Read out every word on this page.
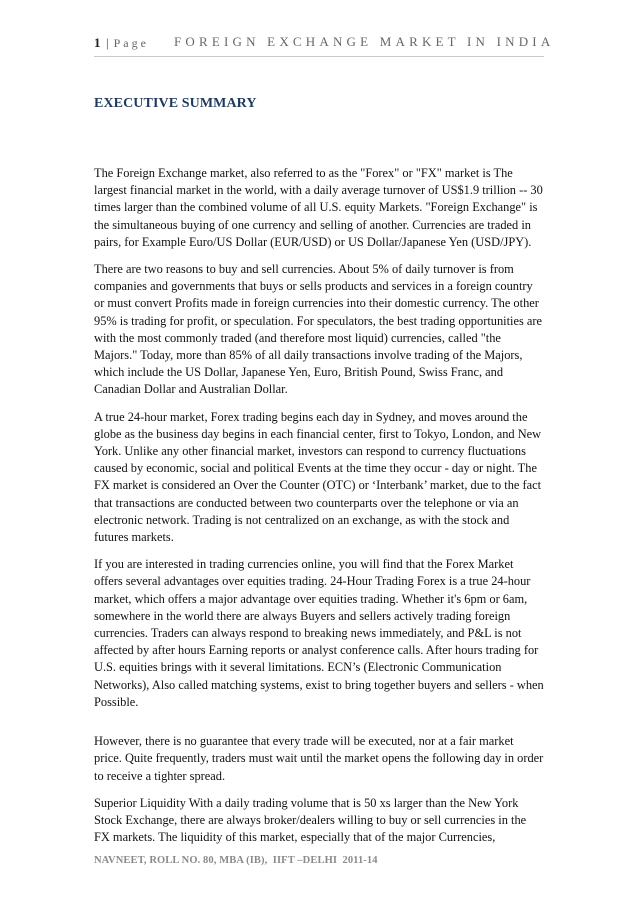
1 | Page FOREIGN EXCHANGE MARKET IN INDIA
EXECUTIVE SUMMARY

The Foreign Exchange market, also referred to as the "Forex" or "FX" market is The largest financial market in the world, with a daily average turnover of US$1.9 trillion -- 30 times larger than the combined volume of all U.S. equity Markets. "Foreign Exchange" is the simultaneous buying of one currency and selling of another. Currencies are traded in pairs, for Example Euro/US Dollar (EUR/USD) or US Dollar/Japanese Yen (USD/JPY).

There are two reasons to buy and sell currencies. About 5% of daily turnover is from companies and governments that buys or sells products and services in a foreign country or must convert Profits made in foreign currencies into their domestic currency. The other 95% is trading for profit, or speculation. For speculators, the best trading opportunities are with the most commonly traded (and therefore most liquid) currencies, called "the Majors." Today, more than 85% of all daily transactions involve trading of the Majors, which include the US Dollar, Japanese Yen, Euro, British Pound, Swiss Franc, and Canadian Dollar and Australian Dollar.

A true 24-hour market, Forex trading begins each day in Sydney, and moves around the globe as the business day begins in each financial center, first to Tokyo, London, and New York. Unlike any other financial market, investors can respond to currency fluctuations caused by economic, social and political Events at the time they occur - day or night. The FX market is considered an Over the Counter (OTC) or ‘Interbank’ market, due to the fact that transactions are conducted between two counterparts over the telephone or via an electronic network. Trading is not centralized on an exchange, as with the stock and futures markets.

If you are interested in trading currencies online, you will find that the Forex Market offers several advantages over equities trading. 24-Hour Trading Forex is a true 24-hour market, which offers a major advantage over equities trading. Whether it's 6pm or 6am, somewhere in the world there are always Buyers and sellers actively trading foreign currencies. Traders can always respond to breaking news immediately, and P&L is not affected by after hours Earning reports or analyst conference calls. After hours trading for U.S. equities brings with it several limitations. ECN’s (Electronic Communication Networks), Also called matching systems, exist to bring together buyers and sellers - when Possible.

However, there is no guarantee that every trade will be executed, nor at a fair market price. Quite frequently, traders must wait until the market opens the following day in order to receive a tighter spread.

Superior Liquidity With a daily trading volume that is 50 xs larger than the New York Stock Exchange, there are always broker/dealers willing to buy or sell currencies in the FX markets. The liquidity of this market, especially that of the major Currencies,

NAVNEET, ROLL NO. 80, MBA (IB),  IIFT –DELHI  2011-14
